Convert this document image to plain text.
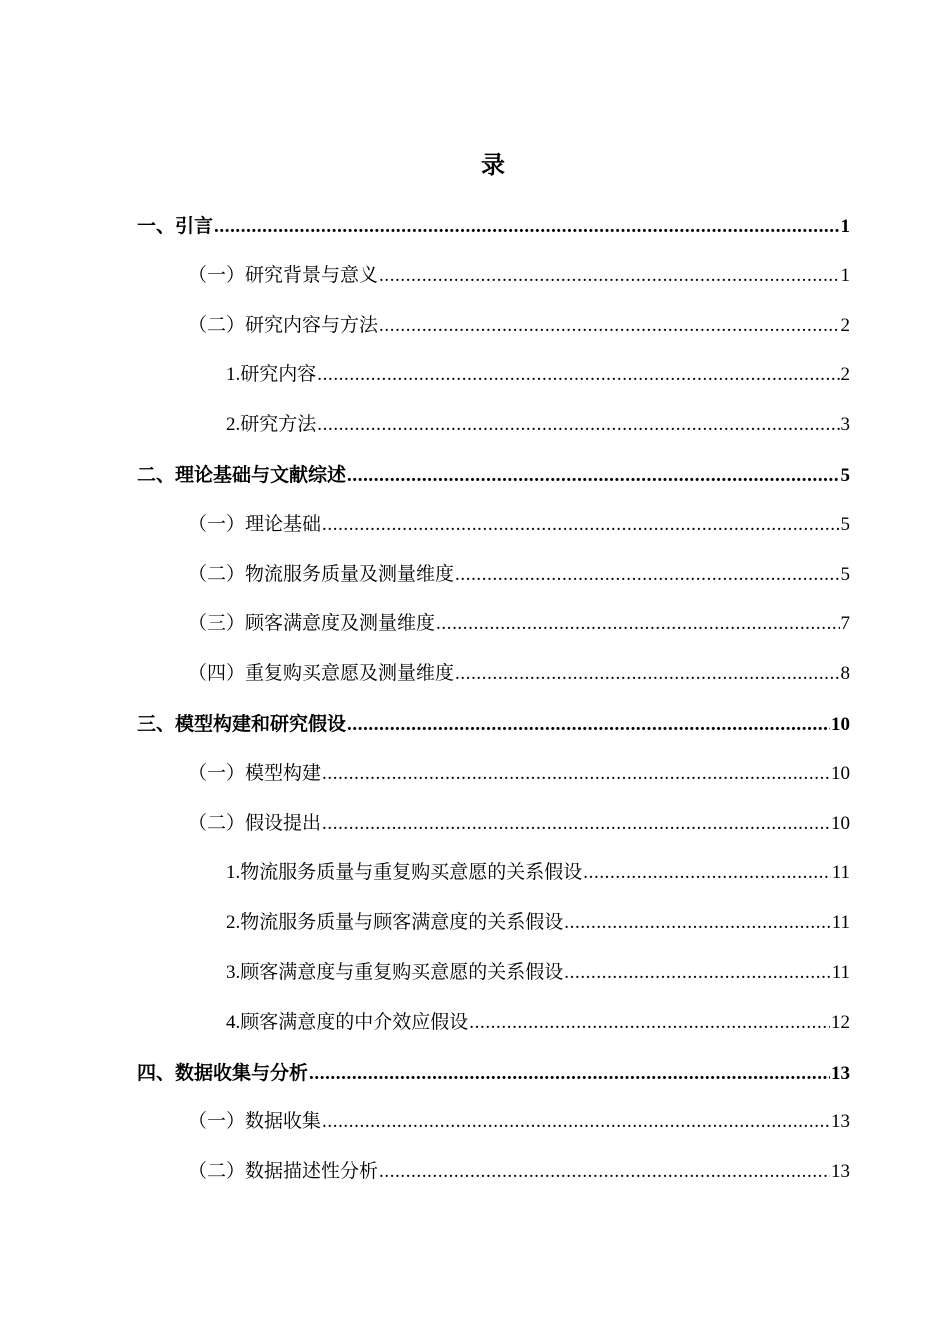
录
一、 引言 .....	1
（一）研究背景与意义 .....	1
（二）研究内容与方法 .....	2
1.研究内容 .....	2
2.研究方法 .....	3
二、 理论基础与文献综述 .....	5
（一）理论基础 .....	5
（二）物流服务质量及测量维度 .....	5
（三）顾客满意度及测量维度 .....	7
（四）重复购买意愿及测量维度 .....	8
三、 模型构建和研究假设 .....	10
（一）模型构建 .....	10
（二）假设提出 .....	10
1.物流服务质量与重复购买意愿的关系假设 .....	11
2.物流服务质量与顾客满意度的关系假设 .....	11
3.顾客满意度与重复购买意愿的关系假设 .....	11
4.顾客满意度的中介效应假设 .....	12
四、 数据收集与分析 .....	13
（一）数据收集 .....	13
（二）数据描述性分析 .....	13
